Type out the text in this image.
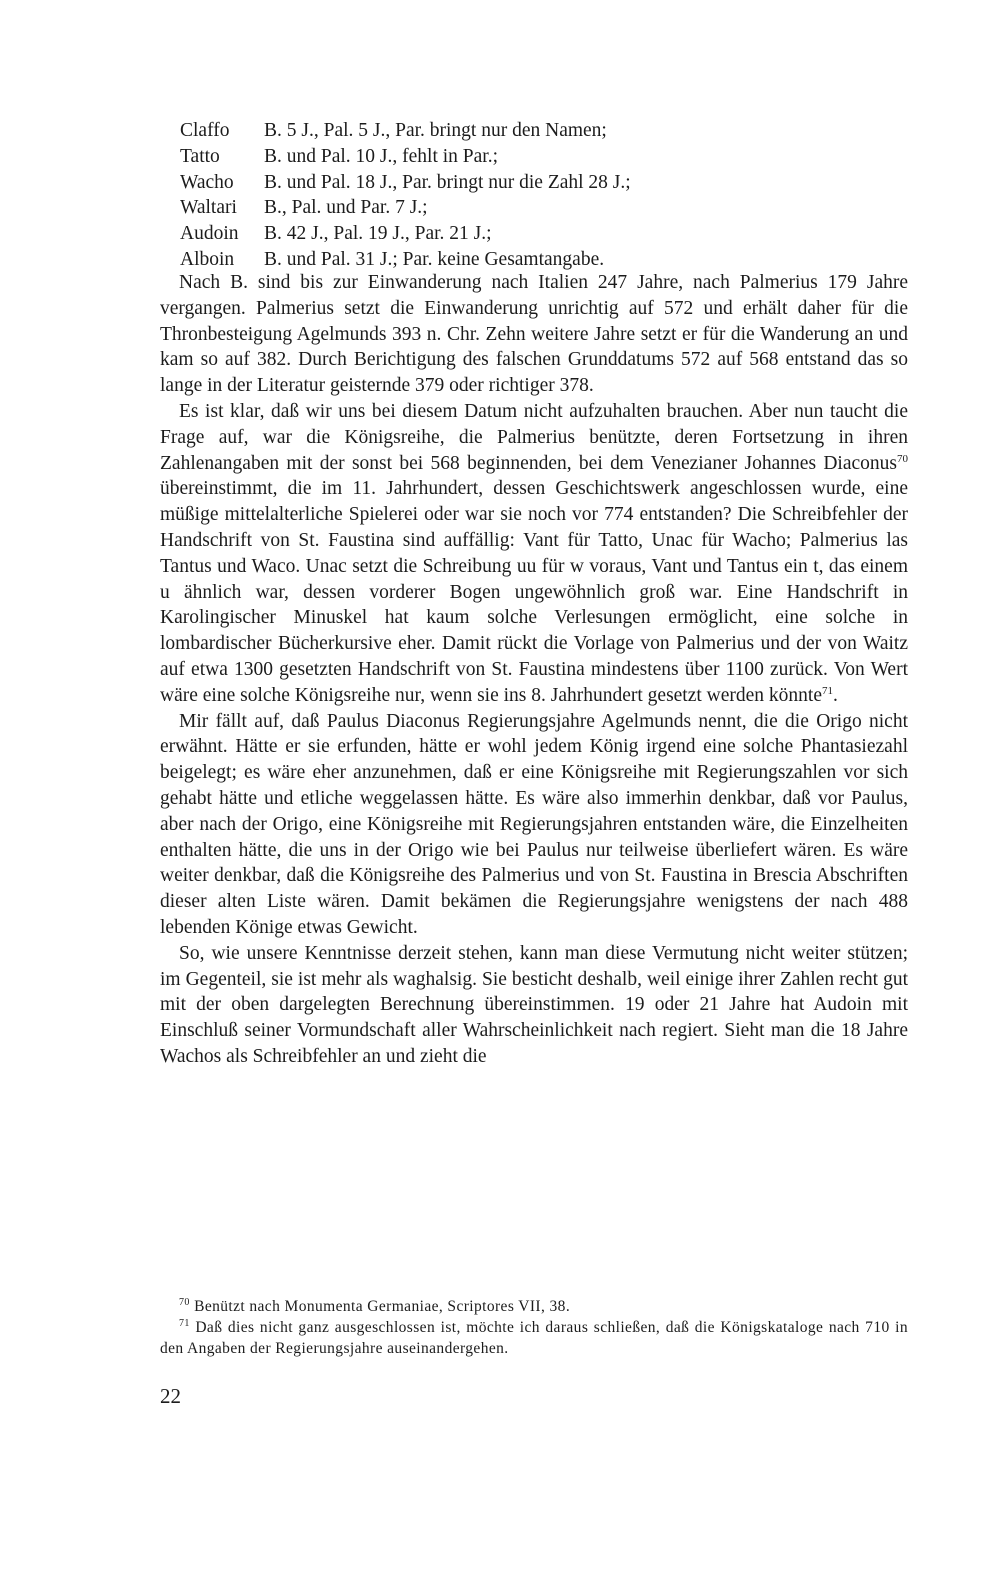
Claffo	B. 5 J., Pal. 5 J., Par. bringt nur den Namen;
Tatto	B. und Pal. 10 J., fehlt in Par.;
Wacho	B. und Pal. 18 J., Par. bringt nur die Zahl 28 J.;
Waltari	B., Pal. und Par. 7 J.;
Audoin	B. 42 J., Pal. 19 J., Par. 21 J.;
Alboin	B. und Pal. 31 J.; Par. keine Gesamtangabe.

Nach B. sind bis zur Einwanderung nach Italien 247 Jahre, nach Palmerius 179 Jahre vergangen. Palmerius setzt die Einwanderung unrichtig auf 572 und erhält daher für die Thronbesteigung Agelmunds 393 n. Chr. Zehn weitere Jahre setzt er für die Wanderung an und kam so auf 382. Durch Berichtigung des falschen Grunddatums 572 auf 568 entstand das so lange in der Literatur geisternde 379 oder richtiger 378.

Es ist klar, daß wir uns bei diesem Datum nicht aufzuhalten brauchen. Aber nun taucht die Frage auf, war die Königsreihe, die Palmerius benützte, deren Fortsetzung in ihren Zahlenangaben mit der sonst bei 568 beginnenden, bei dem Venezianer Johannes Diaconus$^{70}$ übereinstimmt, die im 11. Jahrhundert, dessen Geschichtswerk angeschlossen wurde, eine müßige mittelalterliche Spielerei oder war sie noch vor 774 entstanden? Die Schreibfehler der Handschrift von St. Faustina sind auffällig: Vant für Tatto, Unac für Wacho; Palmerius las Tantus und Waco. Unac setzt die Schreibung uu für w voraus, Vant und Tantus ein t, das einem u ähnlich war, dessen vorderer Bogen ungewöhnlich groß war. Eine Handschrift in Karolingischer Minuskel hat kaum solche Verlesungen ermöglicht, eine solche in lombardischer Bücherkursive eher. Damit rückt die Vorlage von Palmerius und der von Waitz auf etwa 1300 gesetzten Handschrift von St. Faustina mindestens über 1100 zurück. Von Wert wäre eine solche Königsreihe nur, wenn sie ins 8. Jahrhundert gesetzt werden könnte$^{71}$.

Mir fällt auf, daß Paulus Diaconus Regierungsjahre Agelmunds nennt, die die Origo nicht erwähnt. Hätte er sie erfunden, hätte er wohl jedem König irgend eine solche Phantasiezahl beigelegt; es wäre eher anzunehmen, daß er eine Königsreihe mit Regierungszahlen vor sich gehabt hätte und etliche weggelassen hätte. Es wäre also immerhin denkbar, daß vor Paulus, aber nach der Origo, eine Königsreihe mit Regierungsjahren entstanden wäre, die Einzelheiten enthalten hätte, die uns in der Origo wie bei Paulus nur teilweise überliefert wären. Es wäre weiter denkbar, daß die Königsreihe des Palmerius und von St. Faustina in Brescia Abschriften dieser alten Liste wären. Damit bekämen die Regierungsjahre wenigstens der nach 488 lebenden Könige etwas Gewicht.

So, wie unsere Kenntnisse derzeit stehen, kann man diese Vermutung nicht weiter stützen; im Gegenteil, sie ist mehr als waghalsig. Sie besticht deshalb, weil einige ihrer Zahlen recht gut mit der oben dargelegten Berechnung übereinstimmen. 19 oder 21 Jahre hat Audoin mit Einschluß seiner Vormundschaft aller Wahrscheinlichkeit nach regiert. Sieht man die 18 Jahre Wachos als Schreibfehler an und zieht die

$^{70}$ Benützt nach Monumenta Germaniae, Scriptores VII, 38.

$^{71}$ Daß dies nicht ganz ausgeschlossen ist, möchte ich daraus schließen, daß die Königskataloge nach 710 in den Angaben der Regierungsjahre auseinandergehen.

22
